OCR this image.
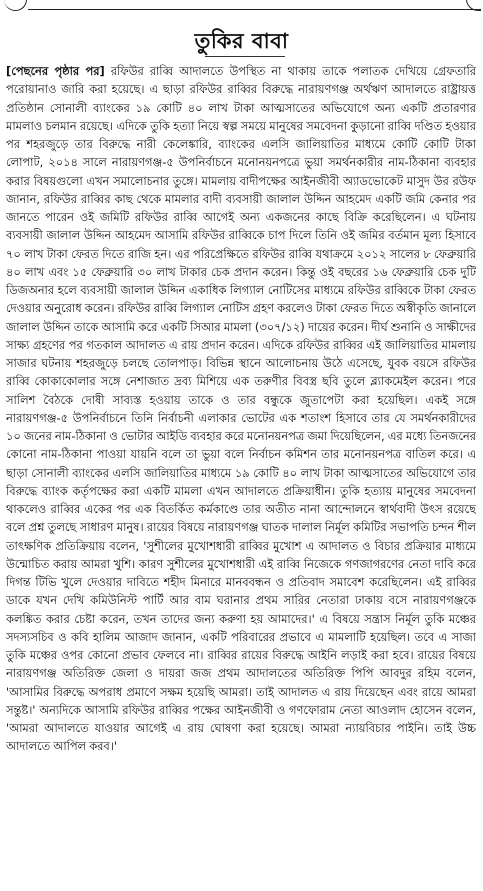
তুকির বাবা
[পেছনের পৃষ্ঠার পর] রফিউর রাব্বি আদালতে উপস্থিত না থাকায় তাকে পলাতক দেখিয়ে গ্রেফতারি পরোয়ানাও জারি করা হয়েছে। এ ছাড়া রফিউর রাব্বির বিরুদ্ধে নারায়ণগঞ্জ অর্থঋণ আদালতে রাষ্ট্রায়ত্ত প্রতিষ্ঠান সোনালী ব্যাংকের ১৯ কোটি ৪০ লাখ টাকা আত্মসাতের অভিযোগে অন্য একটি প্রতারণার মামলাও চলমান রয়েছে। এদিকে তুকি হত্যা নিয়ে স্বল্প সময়ে মানুষের সমবেদনা কুড়ানো রাব্বি দণ্ডিত হওয়ার পর শহরজুড়ে তার বিরুদ্ধে নারী কেলেঙ্কারি, ব্যাংকের এলসি জালিয়াতির মাধ্যমে কোটি কোটি টাকা লোপাট, ২০১৪ সালে নারায়ণগঞ্জ-৫ উপনির্বাচনে মনোনয়নপত্রে ভুয়া সমর্থনকারীর নাম-ঠিকানা ব্যবহার করার বিষয়গুলো এখন সমালোচনার তুঙ্গে। মামলায় বাদীপক্ষের আইনজীবী অ্যাডভোকেট মাসুদ উর রউফ জানান, রফিউর রাব্বির কাছ থেকে মামলার বাদী ব্যবসায়ী জালাল উদ্দিন আহমেদ একটি জমি কেনার পর জানতে পারেন ওই জমিটি রফিউর রাব্বি আগেই অন্য একজনের কাছে বিক্রি করেছিলেন। এ ঘটনায় ব্যবসায়ী জালাল উদ্দিন আহমেদ আসামি রফিউর রাব্বিকে চাপ দিলে তিনি ওই জমির বর্তমান মূল্য হিসাবে ৭০ লাখ টাকা ফেরত দিতে রাজি হন। এর পরিপ্রেক্ষিতে রফিউর রাব্বি যথাক্রমে ২০১২ সালের ৮ ফেব্রুয়ারি ৪০ লাখ এবং ১৫ ফেব্রুয়ারি ৩০ লাখ টাকার চেক প্রদান করেন। কিন্তু ওই বছরের ১৬ ফেব্রুয়ারি চেক দুটি ডিজঅনার হলে ব্যবসায়ী জালাল উদ্দিন একাধিক লিগ্যাল নোটিসের মাধ্যমে রফিউর রাব্বিকে টাকা ফেরত দেওয়ার অনুরোধ করেন। রফিউর রাব্বি লিগ্যাল নোটিস গ্রহণ করলেও টাকা ফেরত দিতে অস্বীকৃতি জানালে জালাল উদ্দিন তাকে আসামি করে একটি সিআর মামলা (৩০৭/১২) দায়ের করেন। দীর্ঘ শুনানি ও সাক্ষীদের সাক্ষ্য গ্রহণের পর গতকাল আদালত এ রায় প্রদান করেন। এদিকে রফিউর রাব্বির এই জালিয়াতির মামলায় সাজার ঘটনায় শহরজুড়ে চলছে তোলপাড়। বিভিন্ন স্থানে আলোচনায় উঠে এসেছে, যুবক বয়সে রফিউর রাব্বি কোকাকোলার সঙ্গে নেশাজাত দ্রব্য মিশিয়ে এক তরুণীর বিবস্ত্র ছবি তুলে ব্ল্যাকমেইল করেন। পরে সালিশ বৈঠকে দোষী সাব্যস্ত হওয়ায় তাকে ও তার বন্ধুকে জুতাপেটা করা হয়েছিল। একই সঙ্গে নারায়ণগঞ্জ-৫ উপনির্বাচনে তিনি নির্বাচনী এলাকার ভোটের এক শতাংশ হিসাবে তার যে সমর্থনকারীদের ১০ জনের নাম-ঠিকানা ও ভোটার আইডি ব্যবহার করে মনোনয়নপত্র জমা দিয়েছিলেন, এর মধ্যে তিনজনের কোনো নাম-ঠিকানা পাওয়া যায়নি বলে তা ভুয়া বলে নির্বাচন কমিশন তার মনোনয়নপত্র বাতিল করে। এ ছাড়া সোনালী ব্যাংকের এলসি জালিয়াতির মাধ্যমে ১৯ কোটি ৪০ লাখ টাকা আত্মসাতের অভিযোগে তার বিরুদ্ধে ব্যাংক কর্তৃপক্ষের করা একটি মামলা এখন আদালতে প্রক্রিয়াধীন। তুকি হত্যায় মানুষের সমবেদনা থাকলেও রাব্বির একের পর এক বিতর্কিত কর্মকাণ্ডে তার অতীত নানা আন্দোলনে স্বার্থবাদী উৎস রয়েছে বলে প্রশ্ন তুলছে সাধারণ মানুষ। রায়ের বিষয়ে নারায়ণগঞ্জ ঘাতক দালাল নির্মূল কমিটির সভাপতি চন্দন শীল তাৎক্ষণিক প্রতিক্রিয়ায় বলেন, 'সুশীলের মুখোশধারী রাব্বির মুখোশ এ আদালত ও বিচার প্রক্রিয়ার মাধ্যমে উন্মোচিত করায় আমরা খুশি। কারণ সুশীলের মুখোশধারী এই রাব্বি নিজেকে গণজাগরণের নেতা দাবি করে দিগন্ত টিভি খুলে দেওয়ার দাবিতে শহীদ মিনারে মানববন্ধন ও প্রতিবাদ সমাবেশ করেছিলেন। এই রাব্বির ডাকে যখন দেখি কমিউনিস্ট পার্টি আর বাম ঘরানার প্রথম সারির নেতারা ঢাকায় বসে নারায়ণগঞ্জকে কলঙ্কিত করার চেষ্টা করেন, তখন তাদের জন্য করুণা হয় আমাদের।' এ বিষয়ে সন্ত্রাস নির্মূল তুকি মঞ্চের সদস্যসচিব ও কবি হালিম আজাদ জানান, একটি পরিবারের প্রভাবে এ মামলাটি হয়েছিল। তবে এ সাজা তুকি মঞ্চের ওপর কোনো প্রভাব ফেলবে না। রাব্বির রায়ের বিরুদ্ধে আইনি লড়াই করা হবে। রায়ের বিষয়ে নারায়ণগঞ্জ অতিরিক্ত জেলা ও দায়রা জজ প্রথম আদালতের অতিরিক্ত পিপি আবদুর রহিম বলেন, 'আসামির বিরুদ্ধে অপরাধ প্রমাণে সক্ষম হয়েছি আমরা। তাই আদালত এ রায় দিয়েছেন এবং রায়ে আমরা সন্তুষ্ট।' অন্যদিকে আসামি রফিউর রাব্বির পক্ষের আইনজীবী ও গণফোরাম নেতা আওলাদ হোসেন বলেন, 'আমরা আদালতে যাওয়ার আগেই এ রায় ঘোষণা করা হয়েছে। আমরা ন্যায়বিচার পাইনি। তাই উচ্চ আদালতে আপিল করব।'
